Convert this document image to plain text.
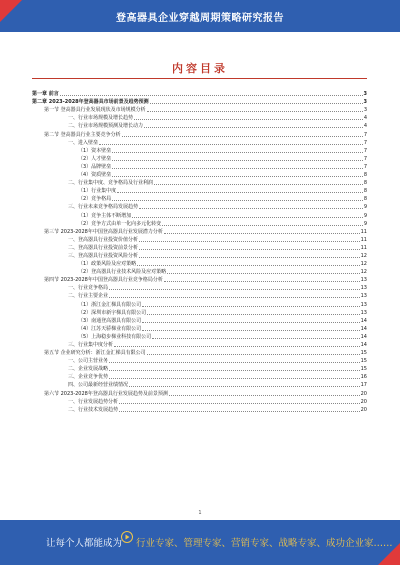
登高器具企业穿越周期策略研究报告
内容目录
第一章 前言	3
第二章 2023-2028年登高器具市场前景及趋势预测	3
第一节 登高器具行业发展现状及市场规模分析	3
一、行业市场规模及增长趋势	4
二、行业市场规模预测及增长动力	4
第二节 登高器具行业主要竞争分析	7
一、进入壁垒	7
（1）资本壁垒	7
（2）人才壁垒	7
（3）品牌壁垒	7
（4）资质壁垒	8
二、行业集中度、竞争格局及行业利润	8
（1）行业集中度	8
（2）竞争格局	8
三、行业未来竞争格局发展趋势	9
（1）竞争主体不断增加	9
（2）竞争方式由单一化向多元化转变	9
第三节 2023-2028年中国登高器具行业发展潜力分析	11
一、登高器具行业投资价值分析	11
二、登高器具行业投资前景分析	11
三、登高器具行业投资风险分析	12
（1）政策风险及应对策略	12
（2）登高器具行业技术风险及应对策略	12
第四节 2023-2028年中国登高器具行业竞争格局分析	13
一、行业竞争格局	13
二、行业主要企业	13
（1）浙江金汇梯具有限公司	13
（2）深圳市新宇梯具有限公司	13
（3）南通登高器具有限公司	14
（4）江苏天骄梯业有限公司	14
（5）上海稳步梯业科技有限公司	14
三、行业集中度分析	14
第五节 企业研究分析：浙江金汇梯具有限公司	15
一、公司主营业务	15
二、企业发展战略	15
三、企业竞争优势	16
四、公司最新经营业绩情况	17
第六节 2023-2028年登高器具行业发展趋势及前景预测	20
一、行业发展趋势分析	20
二、行业技术发展趋势	20
1
让每个人都能成为 行业专家、管理专家、营销专家、战略专家、成功企业家……
